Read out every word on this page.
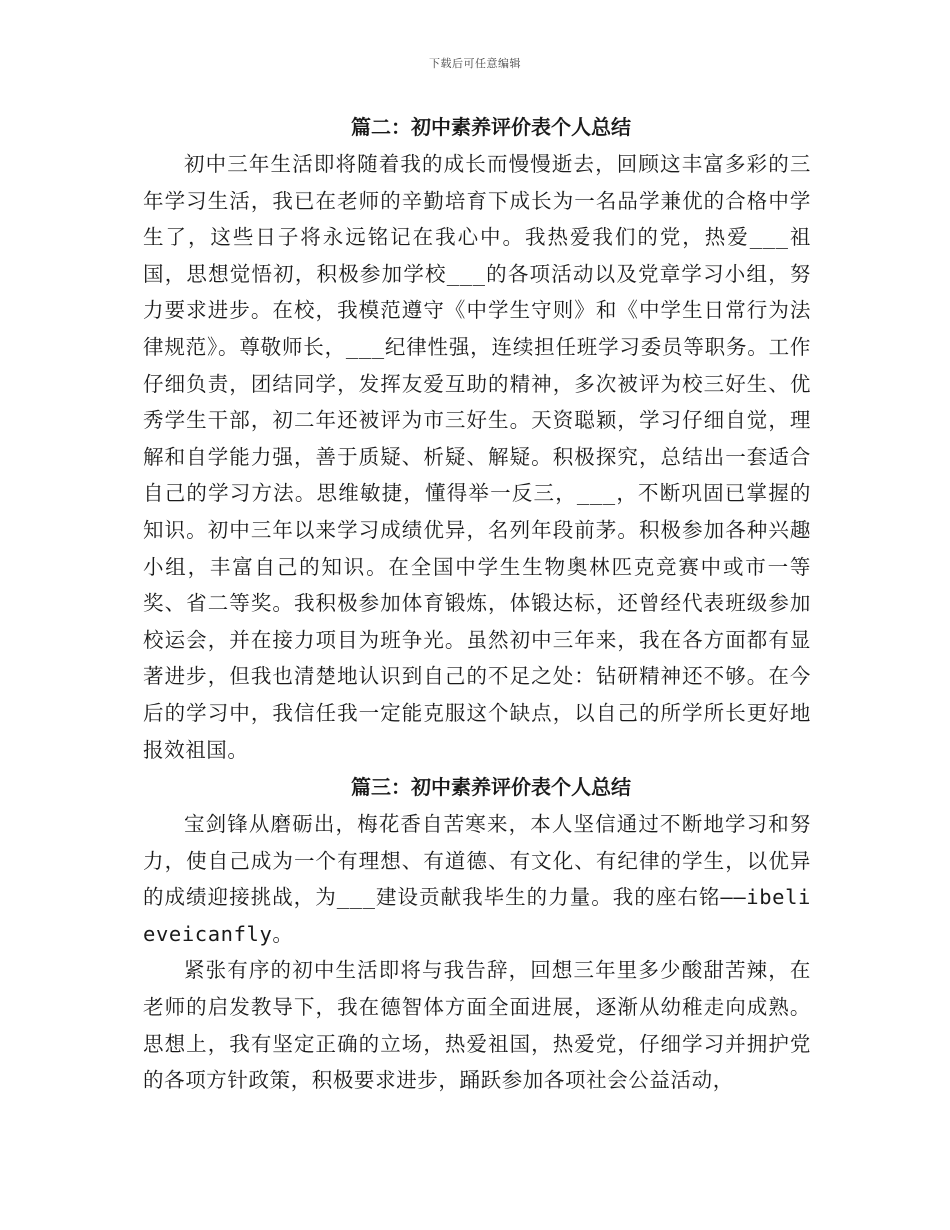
下载后可任意编辑
篇二：初中素养评价表个人总结

初中三年生活即将随着我的成长而慢慢逝去，回顾这丰富多彩的三年学习生活，我已在老师的辛勤培育下成长为一名品学兼优的合格中学生了，这些日子将永远铭记在我心中。我热爱我们的党，热爱___祖国，思想觉悟初，积极参加学校___的各项活动以及党章学习小组，努力要求进步。在校，我模范遵守《中学生守则》和《中学生日常行为法律规范》。尊敬师长，___纪律性强，连续担任班学习委员等职务。工作仔细负责，团结同学，发挥友爱互助的精神，多次被评为校三好生、优秀学生干部，初二年还被评为市三好生。天资聪颖，学习仔细自觉，理解和自学能力强，善于质疑、析疑、解疑。积极探究，总结出一套适合自己的学习方法。思维敏捷，懂得举一反三，___，不断巩固已掌握的知识。初中三年以来学习成绩优异，名列年段前茅。积极参加各种兴趣小组，丰富自己的知识。在全国中学生生物奥林匹克竞赛中或市一等奖、省二等奖。我积极参加体育锻炼，体锻达标，还曾经代表班级参加校运会，并在接力项目为班争光。虽然初中三年来，我在各方面都有显著进步，但我也清楚地认识到自己的不足之处：钻研精神还不够。在今后的学习中，我信任我一定能克服这个缺点，以自己的所学所长更好地报效祖国。

篇三：初中素养评价表个人总结

宝剑锋从磨砺出，梅花香自苦寒来，本人坚信通过不断地学习和努力，使自己成为一个有理想、有道德、有文化、有纪律的学生，以优异的成绩迎接挑战，为___建设贡献我毕生的力量。我的座右铭——ibelieveicanfly。

紧张有序的初中生活即将与我告辞，回想三年里多少酸甜苦辣，在老师的启发教导下，我在德智体方面全面进展，逐渐从幼稚走向成熟。思想上，我有坚定正确的立场，热爱祖国，热爱党，仔细学习并拥护党的各项方针政策，积极要求进步，踊跃参加各项社会公益活动，
